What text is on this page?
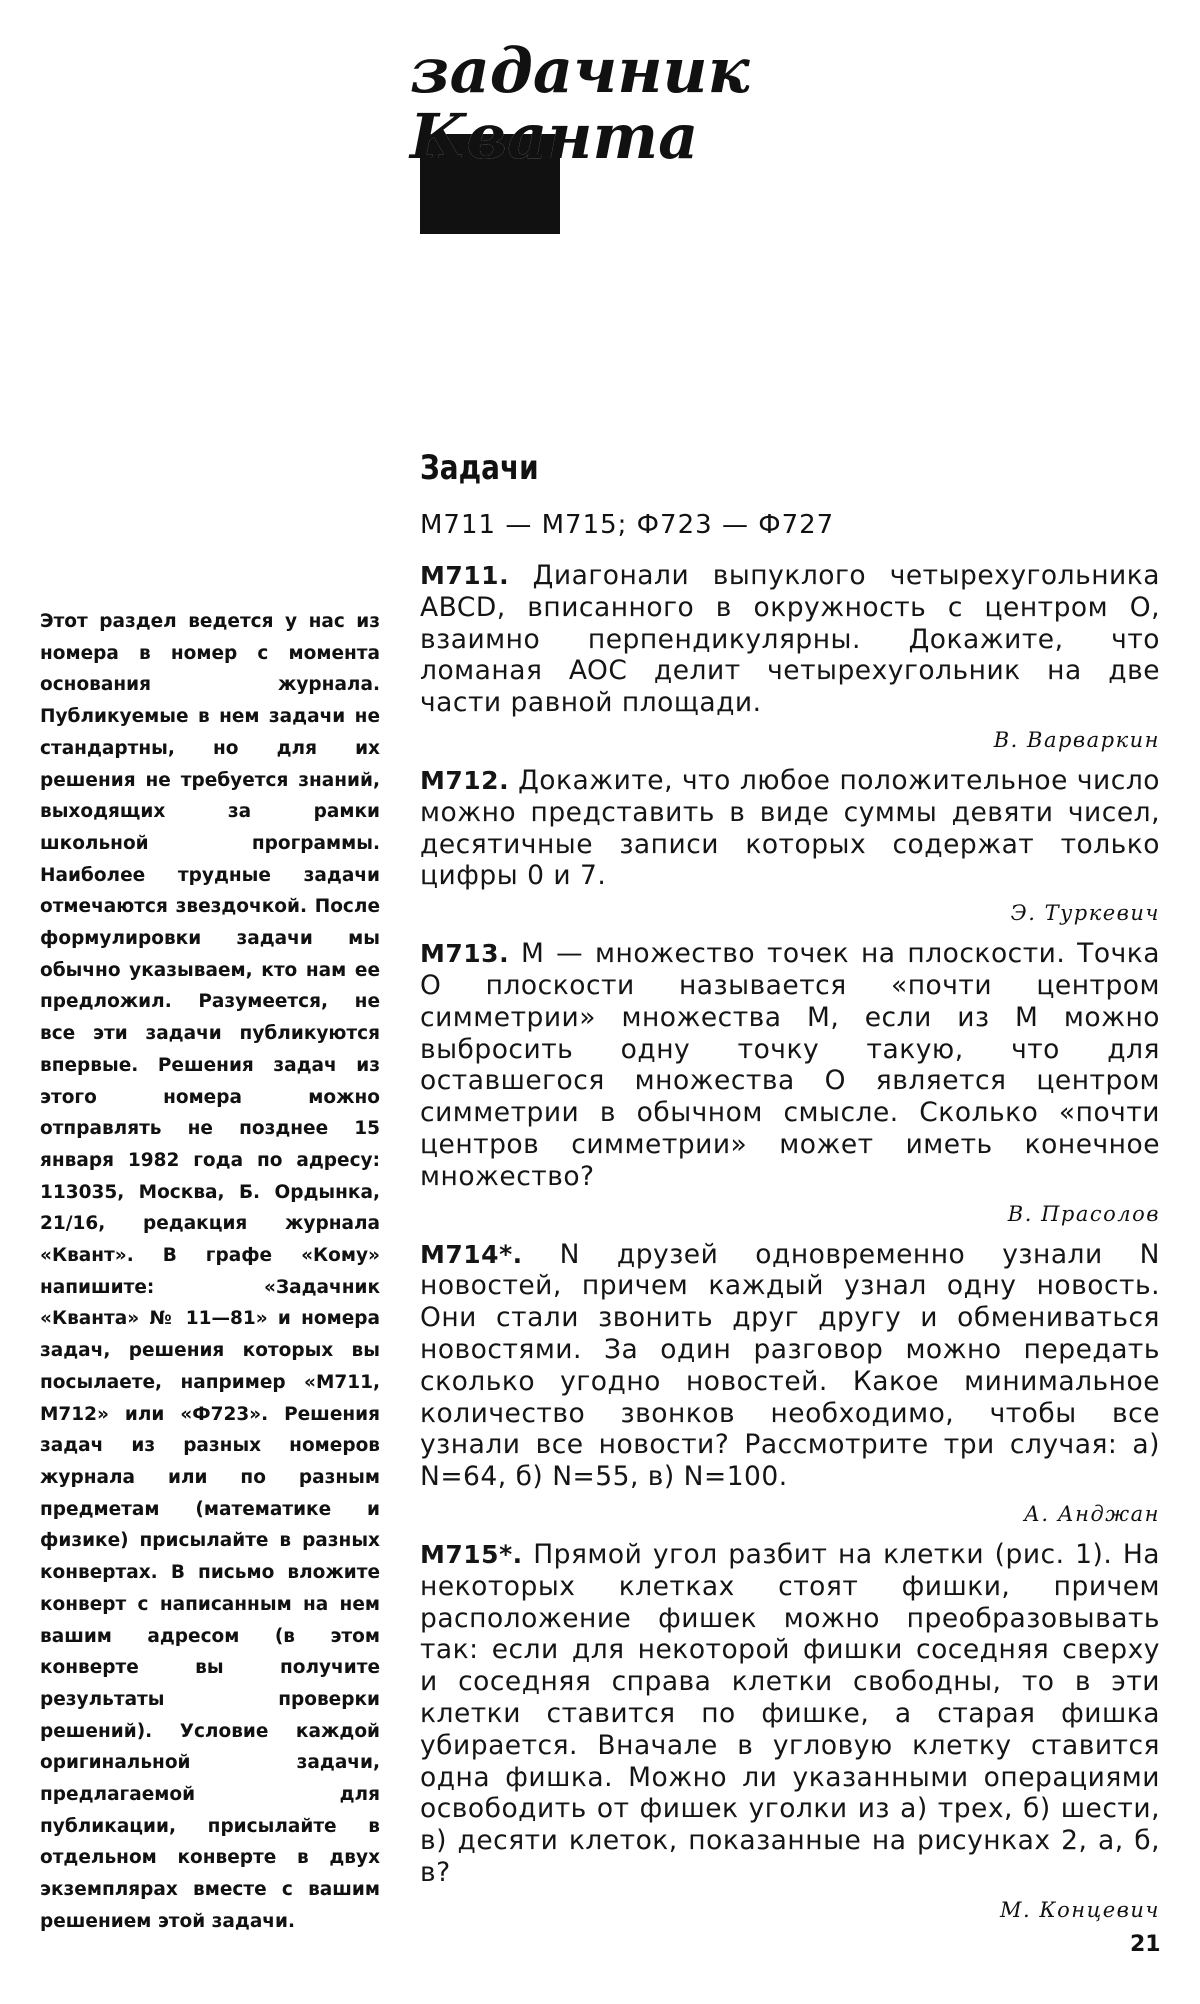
задачник
Кванта
Этот раздел ведется у нас из номера в номер с момента основания журнала. Публикуемые в нем задачи не стандартны, но для их решения не требуется знаний, выходящих за рамки школьной программы. Наиболее трудные задачи отмечаются звездочкой. После формулировки задачи мы обычно указываем, кто нам ее предложил. Разумеется, не все эти задачи публикуются впервые. Решения задач из этого номера можно отправлять не позднее 15 января 1982 года по адресу: 113035, Москва, Б. Ордынка, 21/16, редакция журнала «Квант». В графе «Кому» напишите: «Задачник «Кванта» № 11—81» и номера задач, решения которых вы посылаете, например «М711, М712» или «Ф723». Решения задач из разных номеров журнала или по разным предметам (математике и физике) присылайте в разных конвертах. В письмо вложите конверт с написанным на нем вашим адресом (в этом конверте вы получите результаты проверки решений). Условие каждой оригинальной задачи, предлагаемой для публикации, присылайте в отдельном конверте в двух экземплярах вместе с вашим решением этой задачи.
Задачи
М711 — М715; Ф723 — Ф727

М711. Диагонали выпуклого четырехугольника ABCD, вписанного в окружность с центром O, взаимно перпендикулярны. Докажите, что ломаная AOC делит четырехугольник на две части равной площади.

В. Варваркин

М712. Докажите, что любое положительное число можно представить в виде суммы девяти чисел, десятичные записи которых содержат только цифры 0 и 7.

Э. Туркевич

М713. M — множество точек на плоскости. Точка O плоскости называется «почти центром симметрии» множества M, если из M можно выбросить одну точку такую, что для оставшегося множества O является центром симметрии в обычном смысле. Сколько «почти центров симметрии» может иметь конечное множество?

В. Прасолов

М714*. N друзей одновременно узнали N новостей, причем каждый узнал одну новость. Они стали звонить друг другу и обмениваться новостями. За один разговор можно передать сколько угодно новостей. Какое минимальное количество звонков необходимо, чтобы все узнали все новости? Рассмотрите три случая: а) N=64, б) N=55, в) N=100.

А. Анджан

М715*. Прямой угол разбит на клетки (рис. 1). На некоторых клетках стоят фишки, причем расположение фишек можно преобразовывать так: если для некоторой фишки соседняя сверху и соседняя справа клетки свободны, то в эти клетки ставится по фишке, а старая фишка убирается. Вначале в угловую клетку ставится одна фишка. Можно ли указанными операциями освободить от фишек уголки из а) трех, б) шести, в) десяти клеток, показанные на рисунках 2, а, б, в?

М. Концевич
21
